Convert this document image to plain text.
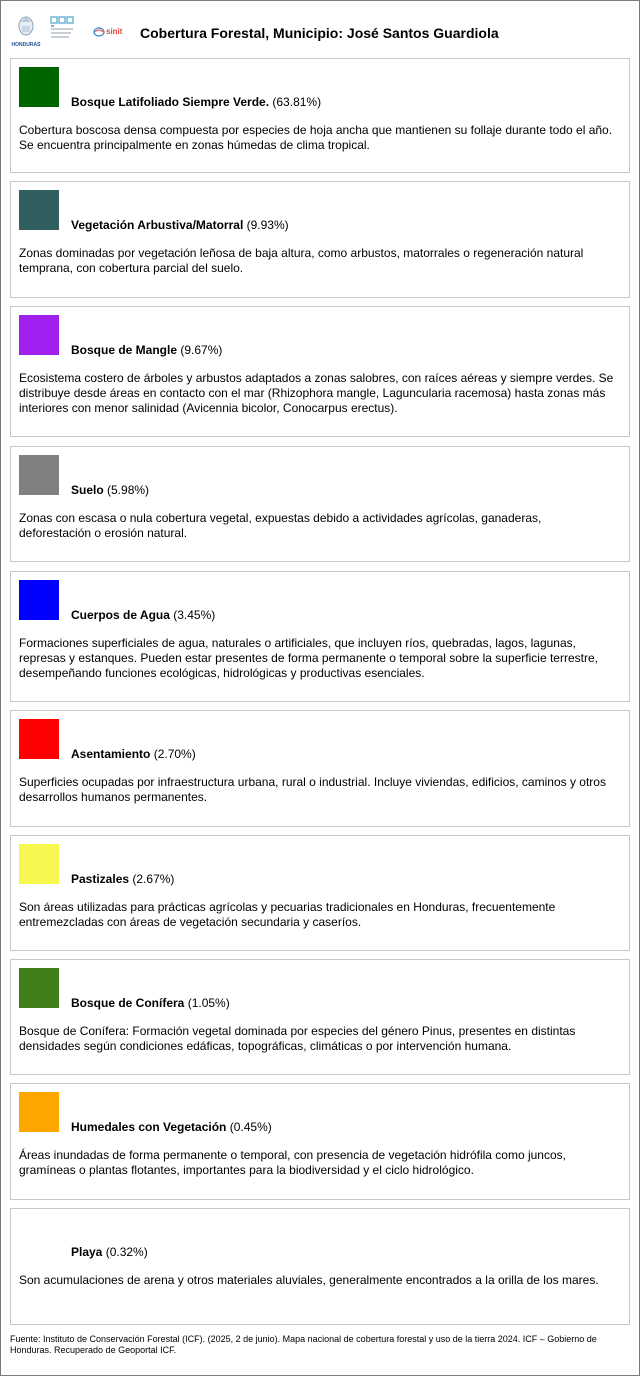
HONDURAS
sinit Cobertura Forestal, Municipio: José Santos Guardiola
Bosque Latifoliado Siempre Verde. (63.81%)
Cobertura boscosa densa compuesta por especies de hoja ancha que mantienen su follaje durante todo el año. Se encuentra principalmente en zonas húmedas de clima tropical.
Vegetación Arbustiva/Matorral (9.93%)
Zonas dominadas por vegetación leñosa de baja altura, como arbustos, matorrales o regeneración natural temprana, con cobertura parcial del suelo.
Bosque de Mangle (9.67%)
Ecosistema costero de árboles y arbustos adaptados a zonas salobres, con raíces aéreas y siempre verdes. Se distribuye desde áreas en contacto con el mar (Rhizophora mangle, Laguncularia racemosa) hasta zonas más interiores con menor salinidad (Avicennia bicolor, Conocarpus erectus).
Suelo (5.98%)
Zonas con escasa o nula cobertura vegetal, expuestas debido a actividades agrícolas, ganaderas, deforestación o erosión natural.
Cuerpos de Agua (3.45%)
Formaciones superficiales de agua, naturales o artificiales, que incluyen ríos, quebradas, lagos, lagunas, represas y estanques. Pueden estar presentes de forma permanente o temporal sobre la superficie terrestre, desempeñando funciones ecológicas, hidrológicas y productivas esenciales.
Asentamiento (2.70%)
Superficies ocupadas por infraestructura urbana, rural o industrial. Incluye viviendas, edificios, caminos y otros desarrollos humanos permanentes.
Pastizales (2.67%)
Son áreas utilizadas para prácticas agrícolas y pecuarias tradicionales en Honduras, frecuentemente entremezcladas con áreas de vegetación secundaria y caseríos.
Bosque de Conífera (1.05%)
Bosque de Conífera: Formación vegetal dominada por especies del género Pinus, presentes en distintas densidades según condiciones edáficas, topográficas, climáticas o por intervención humana.
Humedales con Vegetación (0.45%)
Áreas inundadas de forma permanente o temporal, con presencia de vegetación hidrófila como juncos, gramíneas o plantas flotantes, importantes para la biodiversidad y el ciclo hidrológico.
Playa (0.32%)
Son acumulaciones de arena y otros materiales aluviales, generalmente encontrados a la orilla de los mares.
Fuente: Instituto de Conservación Forestal (ICF). (2025, 2 de junio). Mapa nacional de cobertura forestal y uso de la tierra 2024. ICF – Gobierno de Honduras. Recuperado de Geoportal ICF.
